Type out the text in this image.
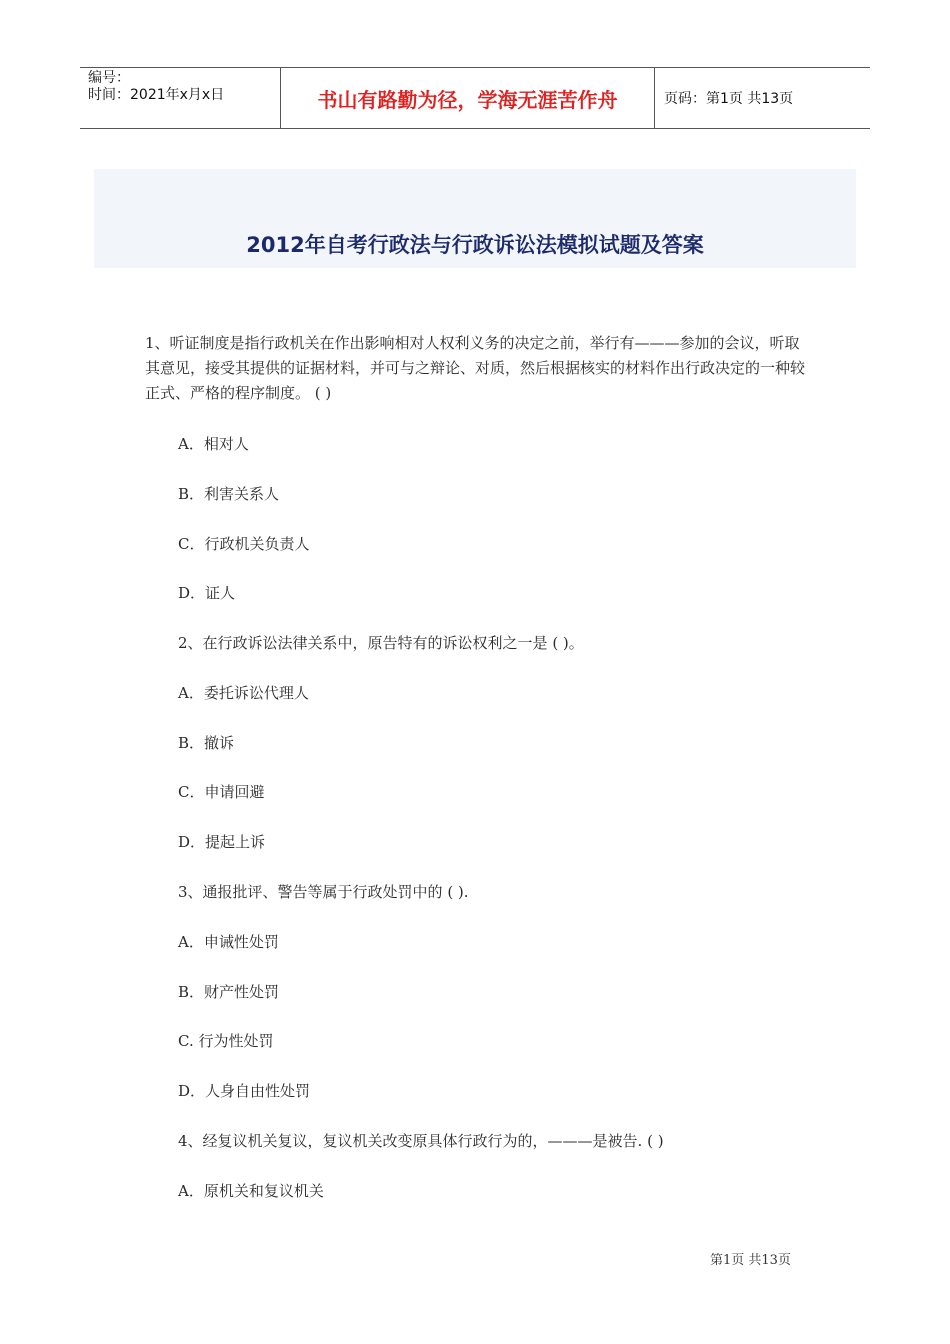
编号：
时间：2021年x月x日	书山有路勤为径，学海无涯苦作舟	页码：第1页 共13页
2012年自考行政法与行政诉讼法模拟试题及答案
1、听证制度是指行政机关在作出影响相对人权利义务的决定之前，举行有———参加的会议，听取其意见，接受其提供的证据材料，并可与之辩论、对质，然后根据核实的材料作出行政决定的一种较正式、严格的程序制度。 ( )
A．相对人
B．利害关系人
C．行政机关负责人
D．证人
2、在行政诉讼法律关系中，原告特有的诉讼权利之一是 ( )。
A．委托诉讼代理人
B．撤诉
C．申请回避
D．提起上诉
3、通报批评、警告等属于行政处罚中的 ( ).
A．申诫性处罚
B．财产性处罚
C. 行为性处罚
D．人身自由性处罚
4、经复议机关复议，复议机关改变原具体行政行为的，———是被告. ( )
A．原机关和复议机关
第1页 共13页
